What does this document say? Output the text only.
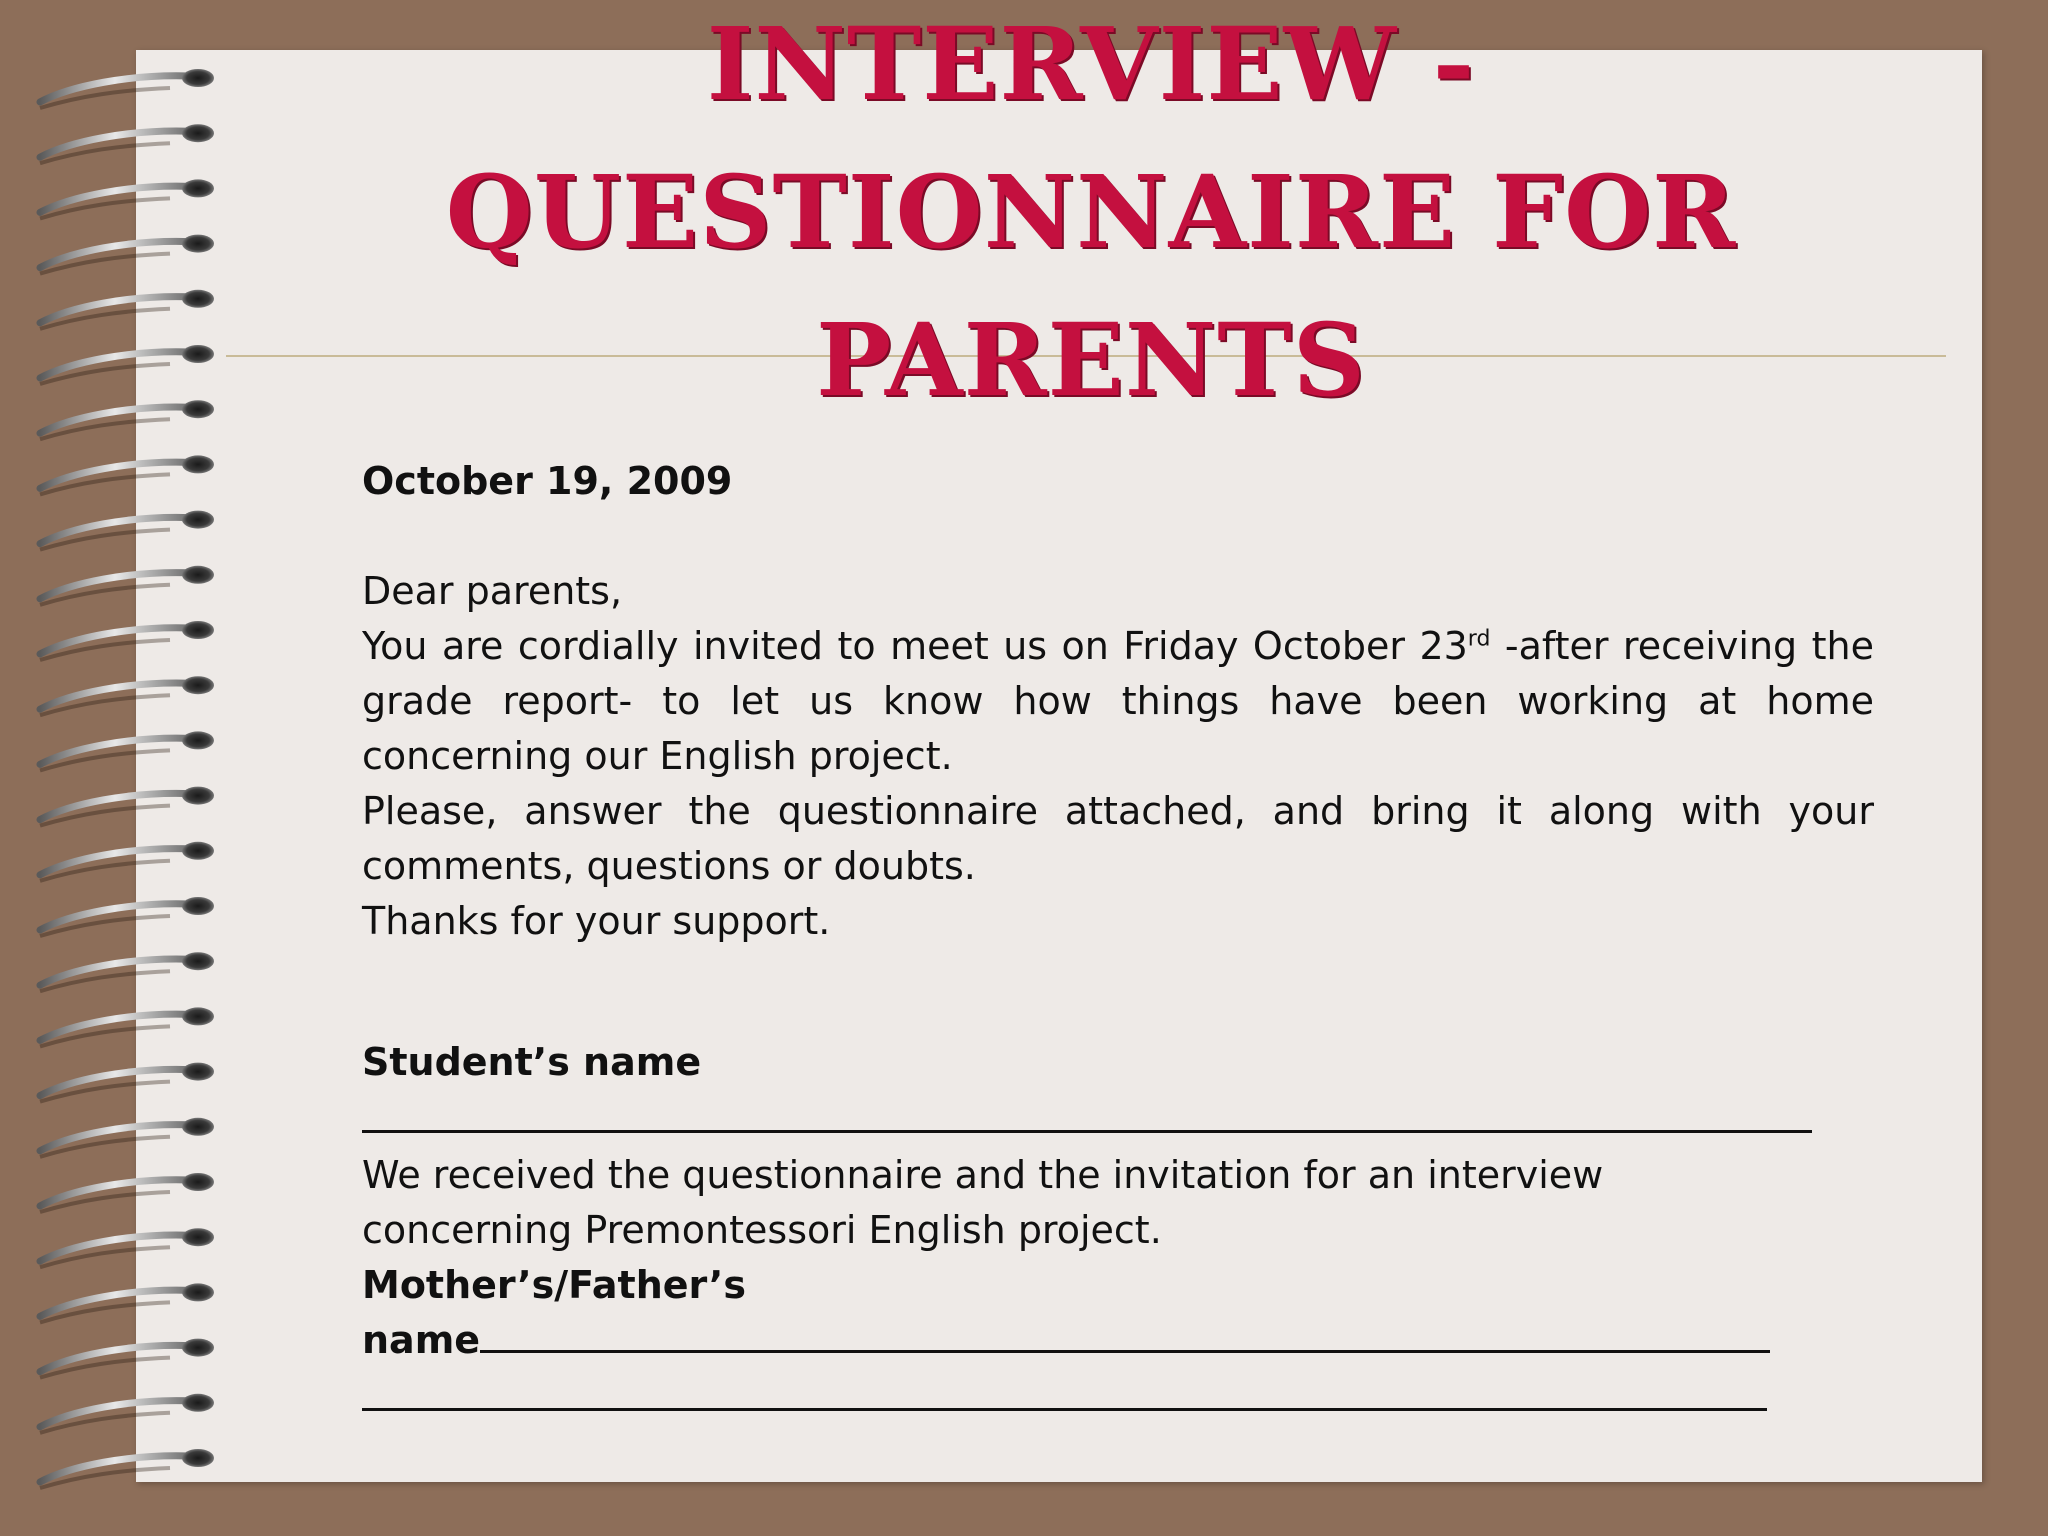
INTERVIEW - QUESTIONNAIRE FOR PARENTS

October 19, 2009

Dear parents,

You are cordially invited to meet us on Friday October 23rd -after receiving the grade report- to let us know how things have been working at home concerning our English project.

Please, answer the questionnaire attached, and bring it along with your comments, questions or doubts.

Thanks for your support.

Student’s name

We received the questionnaire and the invitation for an interview concerning Premontessori English project.

Mother’s/Father’s

name
